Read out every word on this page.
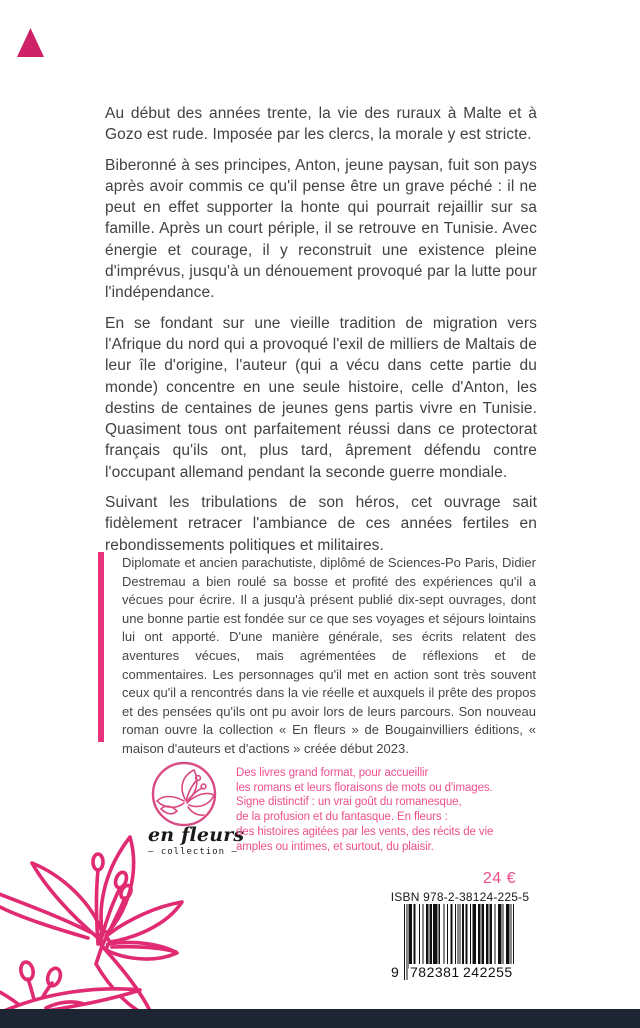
Au début des années trente, la vie des ruraux à Malte et à Gozo est rude. Imposée par les clercs, la morale y est stricte.

Biberonné à ses principes, Anton, jeune paysan, fuit son pays après avoir commis ce qu'il pense être un grave péché : il ne peut en effet supporter la honte qui pourrait rejaillir sur sa famille. Après un court périple, il se retrouve en Tunisie. Avec énergie et courage, il y reconstruit une existence pleine d'imprévus, jusqu'à un dénouement provoqué par la lutte pour l'indépendance.

En se fondant sur une vieille tradition de migration vers l'Afrique du nord qui a provoqué l'exil de milliers de Maltais de leur île d'origine, l'auteur (qui a vécu dans cette partie du monde) concentre en une seule histoire, celle d'Anton, les destins de centaines de jeunes gens partis vivre en Tunisie. Quasiment tous ont parfaitement réussi dans ce protectorat français qu'ils ont, plus tard, âprement défendu contre l'occupant allemand pendant la seconde guerre mondiale.

Suivant les tribulations de son héros, cet ouvrage sait fidèlement retracer l'ambiance de ces années fertiles en rebondissements politiques et militaires.

Diplomate et ancien parachutiste, diplômé de Sciences-Po Paris, Didier Destremau a bien roulé sa bosse et profité des expériences qu'il a vécues pour écrire. Il a jusqu'à présent publié dix-sept ouvrages, dont une bonne partie est fondée sur ce que ses voyages et séjours lointains lui ont apporté. D'une manière générale, ses écrits relatent des aventures vécues, mais agrémentées de réflexions et de commentaires. Les personnages qu'il met en action sont très souvent ceux qu'il a rencontrés dans la vie réelle et auxquels il prête des propos et des pensées qu'ils ont pu avoir lors de leurs parcours. Son nouveau roman ouvre la collection « En fleurs » de Bougainvilliers éditions, « maison d'auteurs et d'actions » créée début 2023.
en fleurs
– collection –
Des livres grand format, pour accueillir
les romans et leurs floraisons de mots ou d'images.
Signe distinctif : un vrai goût du romanesque,
de la profusion et du fantasque. En fleurs :
des histoires agitées par les vents, des récits de vie
amples ou intimes, et surtout, du plaisir.
24 €
ISBN 978-2-38124-225-5
9 782381 242255
